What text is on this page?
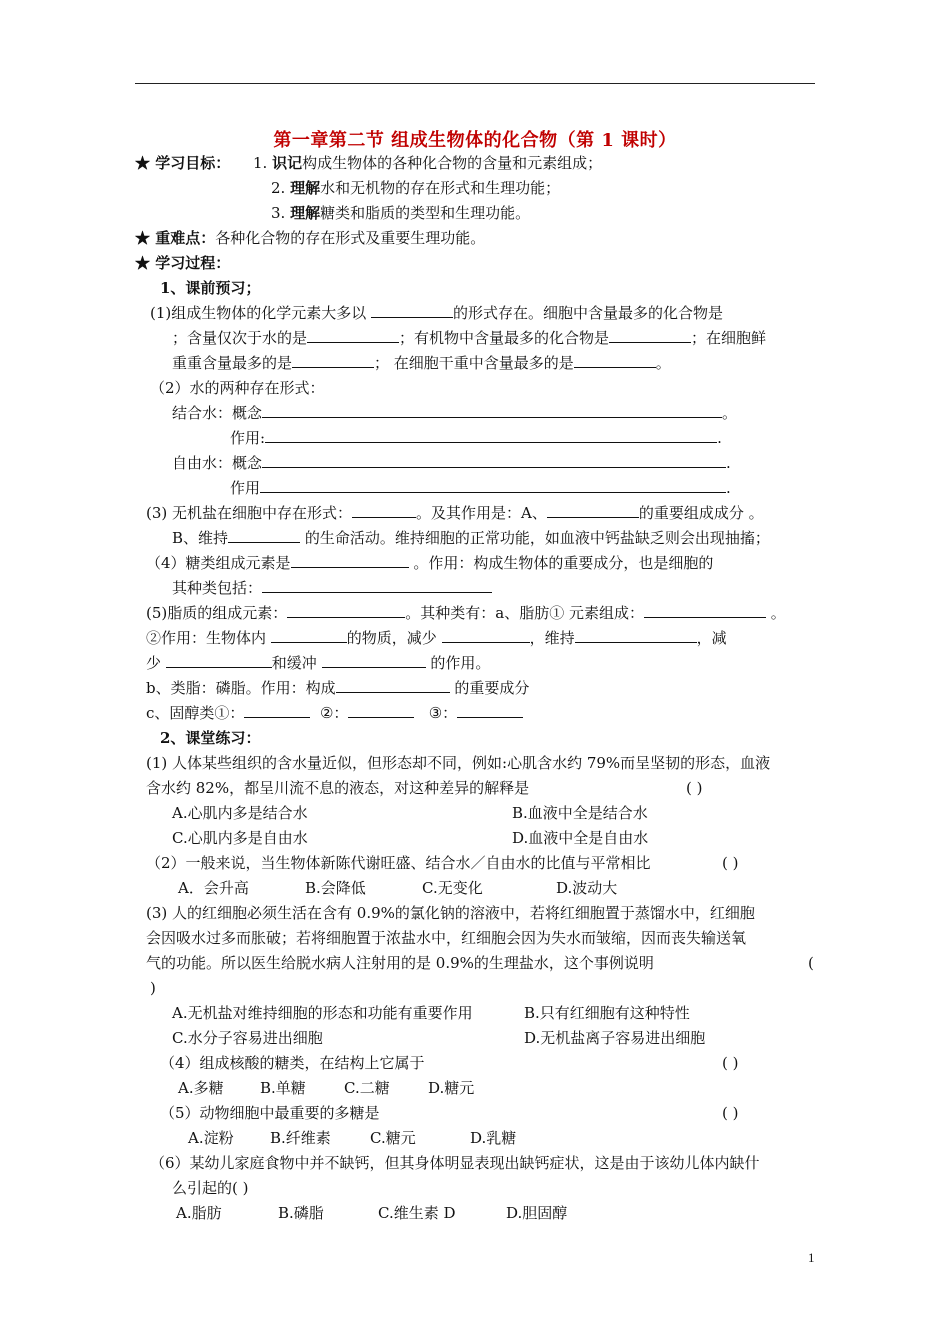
第一章第二节 组成生物体的化合物（第 1 课时）
★ 学习目标： 1. 识记构成生物体的各种化合物的含量和元素组成；
2. 理解水和无机物的存在形式和生理功能；
3. 理解糖类和脂质的类型和生理功能。
★ 重难点：各种化合物的存在形式及重要生理功能。
★ 学习过程：
1、课前预习；
(1)组成生物体的化学元素大多以	的形式存在。细胞中含量最多的化合物是
；含量仅次于水的是	；有机物中含量最多的化合物是	；在细胞鲜
重重含量最多的是	； 在细胞干重中含量最多的是	。
（2）水的两种存在形式：
结合水：概念	。
作用:	.
自由水：概念	.
作用	.
(3) 无机盐在细胞中存在形式：	。及其作用是：A、	的重要组成成分 。
B、维持	的生命活动。维持细胞的正常功能，如血液中钙盐缺乏则会出现抽搐；
（4）糖类组成元素是	。作用：构成生物体的重要成分，也是细胞的
其种类包括：
(5)脂质的组成元素：	。其种类有：a、脂肪① 元素组成：	。
②作用：生物体内	的物质，减少	，维持	，减
少	和缓冲	的作用。
b、类脂：磷脂。作用：构成	的重要成分
c、固醇类①：	②：	③：
2、课堂练习：
(1) 人体某些组织的含水量近似，但形态却不同，例如:心肌含水约 79%而呈坚韧的形态，血液
含水约 82%，都呈川流不息的液态，对这种差异的解释是	( )
A.心肌内多是结合水	B.血液中全是结合水
C.心肌内多是自由水	D.血液中全是自由水
（2）一般来说，当生物体新陈代谢旺盛、结合水／自由水的比值与平常相比	( )
A．会升高	B.会降低	C.无变化	D.波动大
(3) 人的红细胞必须生活在含有 0.9%的氯化钠的溶液中，若将红细胞置于蒸馏水中，红细胞
会因吸水过多而胀破；若将细胞置于浓盐水中，红细胞会因为失水而皱缩，因而丧失输送氧
气的功能。所以医生给脱水病人注射用的是 0.9%的生理盐水，这个事例说明	(
)
A.无机盐对维持细胞的形态和功能有重要作用	B.只有红细胞有这种特性
C.水分子容易进出细胞	D.无机盐离子容易进出细胞
（4）组成核酸的糖类，在结构上它属于	( )
A.多糖 B.单糖	C.二糖	D.糖元
（5）动物细胞中最重要的多糖是	( )
A.淀粉 B.纤维素	C.糖元	D.乳糖
（6）某幼儿家庭食物中并不缺钙，但其身体明显表现出缺钙症状，这是由于该幼儿体内缺什
么引起的( )
A.脂肪	B.磷脂	C.维生素 D	D.胆固醇
1
